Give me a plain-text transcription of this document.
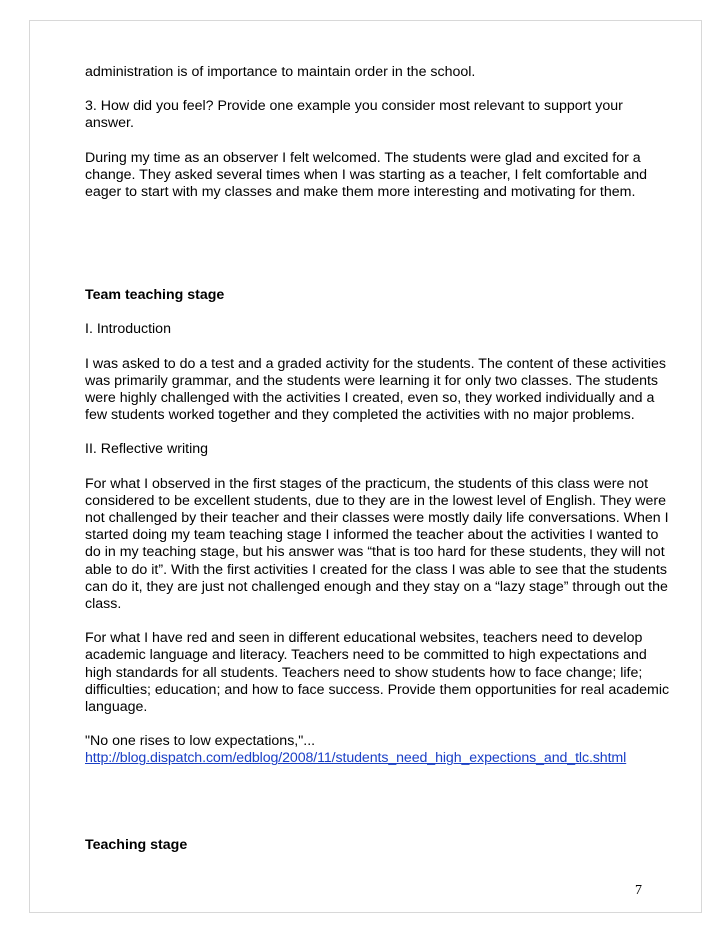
administration is of importance to maintain order in the school.

3. How did you feel? Provide one example you consider most relevant to support your answer.

During my time as an observer I felt welcomed. The students were glad and excited for a change. They asked several times when I was starting as a teacher, I felt comfortable and eager to start with my classes and make them more interesting and motivating for them.

Team teaching stage

I. Introduction

I was asked to do a test and a graded activity for the students. The content of these activities was primarily grammar, and the students were learning it for only two classes. The students were highly challenged with the activities I created, even so, they worked individually and a few students worked together and they completed the activities with no major problems.

II. Reflective writing

For what I observed in the first stages of the practicum, the students of this class were not considered to be excellent students, due to they are in the lowest level of English. They were not challenged by their teacher and their classes were mostly daily life conversations. When I started doing my team teaching stage I informed the teacher about the activities I wanted to do in my teaching stage, but his answer was “that is too hard for these students, they will not able to do it”. With the first activities I created for the class I was able to see that the students can do it, they are just not challenged enough and they stay on a “lazy stage” through out the class.

For what I have red and seen in different educational websites, teachers need to develop academic language and literacy. Teachers need to be committed to high expectations and high standards for all students. Teachers need to show students how to face change; life; difficulties; education; and how to face success. Provide them opportunities for real academic language.

"No one rises to low expectations,"...
http://blog.dispatch.com/edblog/2008/11/students_need_high_expections_and_tlc.shtml

Teaching stage

7
